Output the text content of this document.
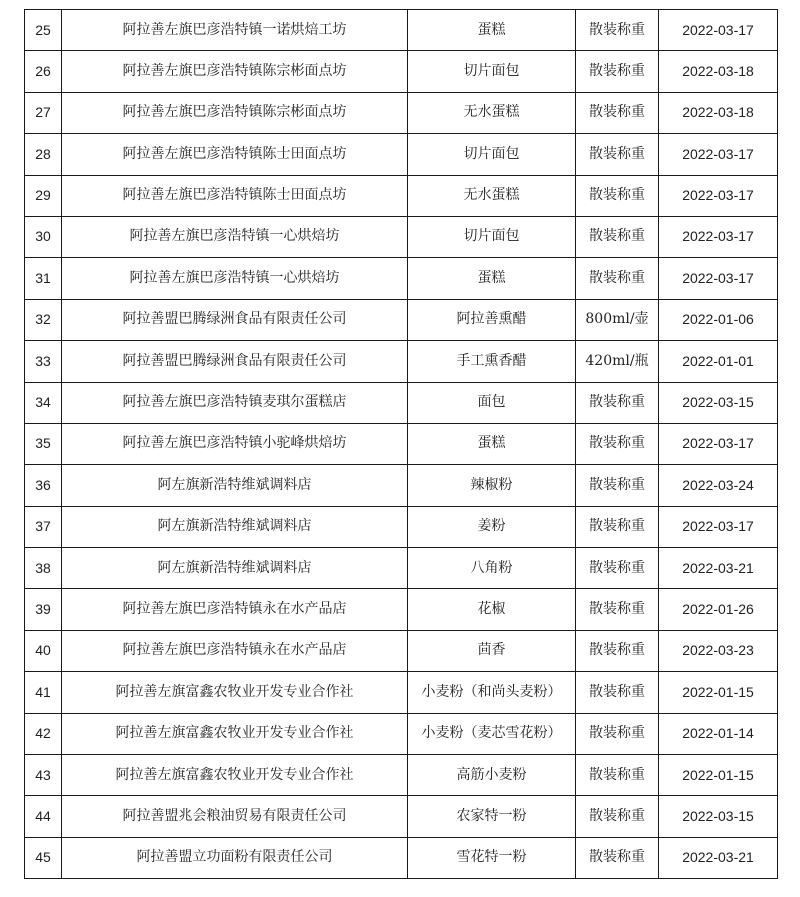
25	阿拉善左旗巴彦浩特镇一诺烘焙工坊	蛋糕	散装称重	2022-03-17
26	阿拉善左旗巴彦浩特镇陈宗彬面点坊	切片面包	散装称重	2022-03-18
27	阿拉善左旗巴彦浩特镇陈宗彬面点坊	无水蛋糕	散装称重	2022-03-18
28	阿拉善左旗巴彦浩特镇陈士田面点坊	切片面包	散装称重	2022-03-17
29	阿拉善左旗巴彦浩特镇陈士田面点坊	无水蛋糕	散装称重	2022-03-17
30	阿拉善左旗巴彦浩特镇一心烘焙坊	切片面包	散装称重	2022-03-17
31	阿拉善左旗巴彦浩特镇一心烘焙坊	蛋糕	散装称重	2022-03-17
32	阿拉善盟巴腾绿洲食品有限责任公司	阿拉善熏醋	800ml/壶	2022-01-06
33	阿拉善盟巴腾绿洲食品有限责任公司	手工熏香醋	420ml/瓶	2022-01-01
34	阿拉善左旗巴彦浩特镇麦琪尔蛋糕店	面包	散装称重	2022-03-15
35	阿拉善左旗巴彦浩特镇小驼峰烘焙坊	蛋糕	散装称重	2022-03-17
36	阿左旗新浩特维斌调料店	辣椒粉	散装称重	2022-03-24
37	阿左旗新浩特维斌调料店	姜粉	散装称重	2022-03-17
38	阿左旗新浩特维斌调料店	八角粉	散装称重	2022-03-21
39	阿拉善左旗巴彦浩特镇永在水产品店	花椒	散装称重	2022-01-26
40	阿拉善左旗巴彦浩特镇永在水产品店	茴香	散装称重	2022-03-23
41	阿拉善左旗富鑫农牧业开发专业合作社	小麦粉（和尚头麦粉）	散装称重	2022-01-15
42	阿拉善左旗富鑫农牧业开发专业合作社	小麦粉（麦芯雪花粉）	散装称重	2022-01-14
43	阿拉善左旗富鑫农牧业开发专业合作社	高筋小麦粉	散装称重	2022-01-15
44	阿拉善盟兆会粮油贸易有限责任公司	农家特一粉	散装称重	2022-03-15
45	阿拉善盟立功面粉有限责任公司	雪花特一粉	散装称重	2022-03-21
